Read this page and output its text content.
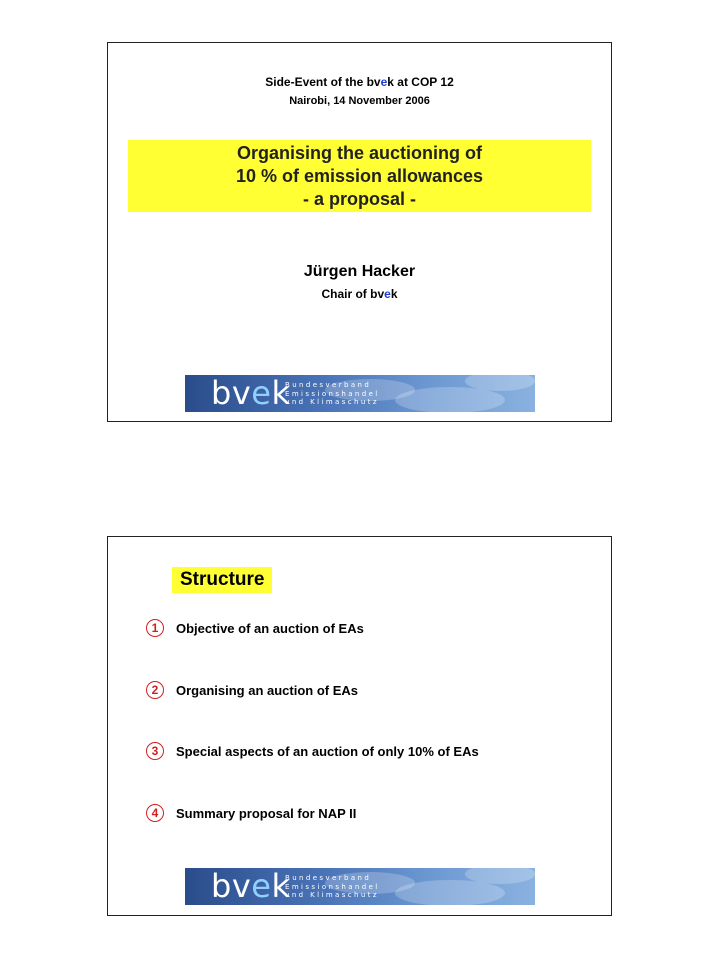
Side-Event of the bvek at COP 12
Nairobi, 14 November 2006
Organising the auctioning of
10 % of emission allowances
- a proposal -
Jürgen Hacker
Chair of bvek
bvek
Bundesverband
Emissionshandel
und Klimaschutz
Structure
1	Objective of an auction of EAs
2	Organising an auction of EAs
3	Special aspects of an auction of only 10% of EAs
4	Summary proposal for NAP II
bvek
Bundesverband
Emissionshandel
und Klimaschutz
